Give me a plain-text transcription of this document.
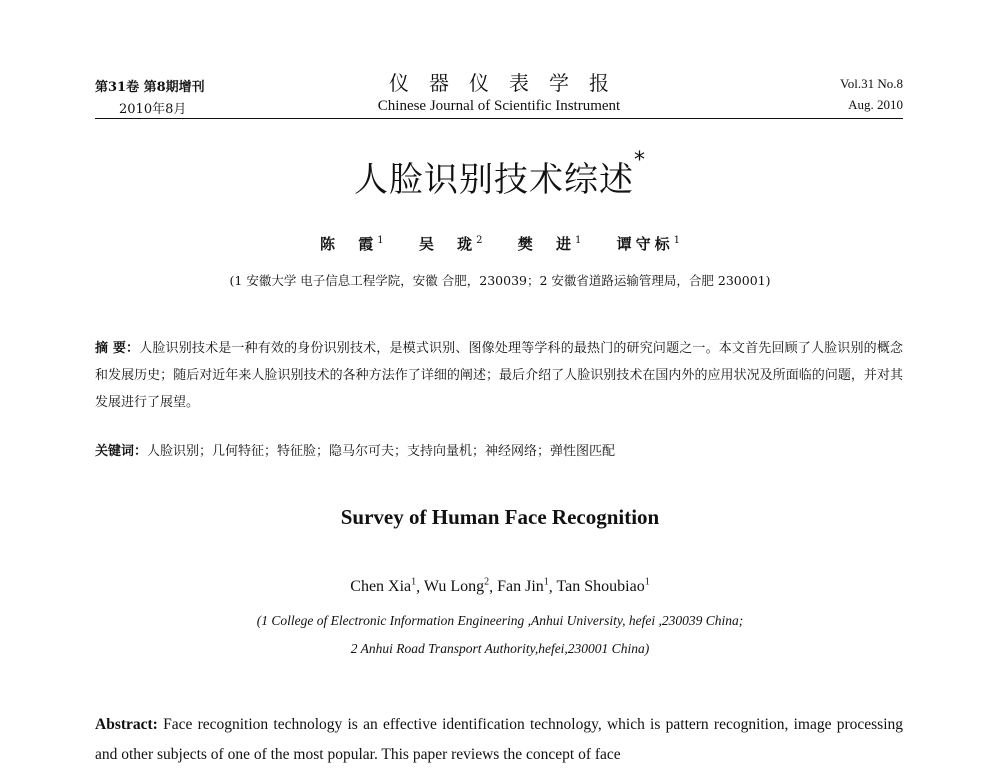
第31卷 第8期增刊
2010年8月
仪器仪表学报
Chinese Journal of Scientific Instrument
Vol.31 No.8
Aug. 2010
人脸识别技术综述*
陈 霞$^1$ 吴 珑$^2$ 樊 进$^1$ 谭守标$^1$
(1 安徽大学 电子信息工程学院，安徽 合肥，230039；2 安徽省道路运输管理局，合肥 230001)
摘 要：人脸识别技术是一种有效的身份识别技术，是模式识别、图像处理等学科的最热门的研究问题之一。本文首先回顾了人脸识别的概念和发展历史；随后对近年来人脸识别技术的各种方法作了详细的阐述；最后介绍了人脸识别技术在国内外的应用状况及所面临的问题，并对其发展进行了展望。
关键词：人脸识别；几何特征；特征脸；隐马尔可夫；支持向量机；神经网络；弹性图匹配
Survey of Human Face Recognition
Chen Xia$^1$, Wu Long$^2$, Fan Jin$^1$, Tan Shoubiao$^1$
(1 College of Electronic Information Engineering ,Anhui University, hefei ,230039 China;
2 Anhui Road Transport Authority,hefei,230001 China)
Abstract: Face recognition technology is an effective identification technology, which is pattern recognition, image processing and other subjects of one of the most popular. This paper reviews the concept of face
